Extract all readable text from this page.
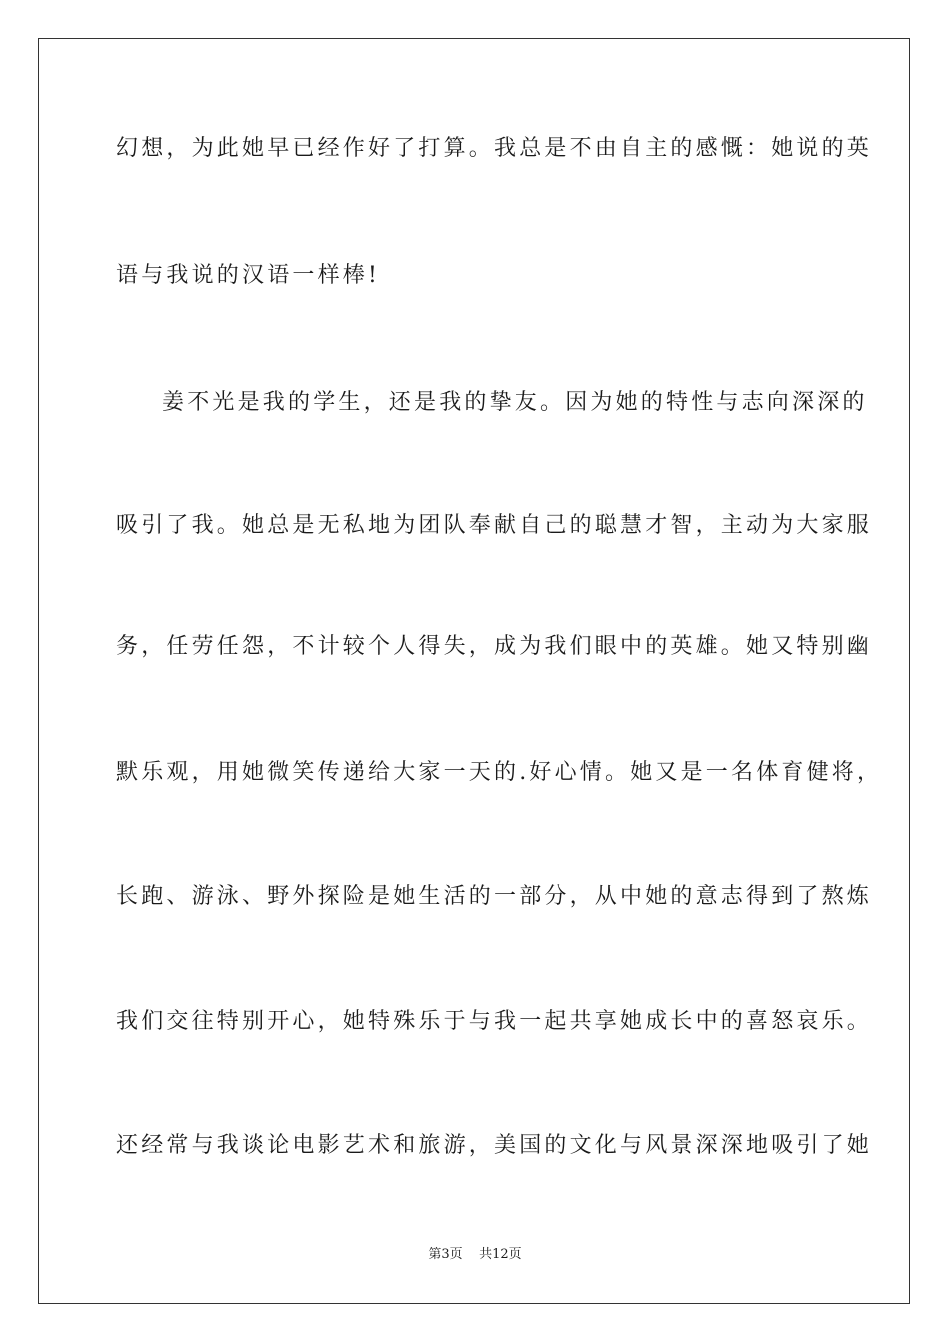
幻想，为此她早已经作好了打算。我总是不由自主的感慨：她说的英
语与我说的汉语一样棒!
姜不光是我的学生，还是我的挚友。因为她的特性与志向深深的
吸引了我。她总是无私地为团队奉献自己的聪慧才智，主动为大家服
务，任劳任怨，不计较个人得失，成为我们眼中的英雄。她又特别幽
默乐观，用她微笑传递给大家一天的.好心情。她又是一名体育健将，
长跑、游泳、野外探险是她生活的一部分，从中她的意志得到了熬炼
我们交往特别开心，她特殊乐于与我一起共享她成长中的喜怒哀乐。
还经常与我谈论电影艺术和旅游，美国的文化与风景深深地吸引了她
第3页 共12页
